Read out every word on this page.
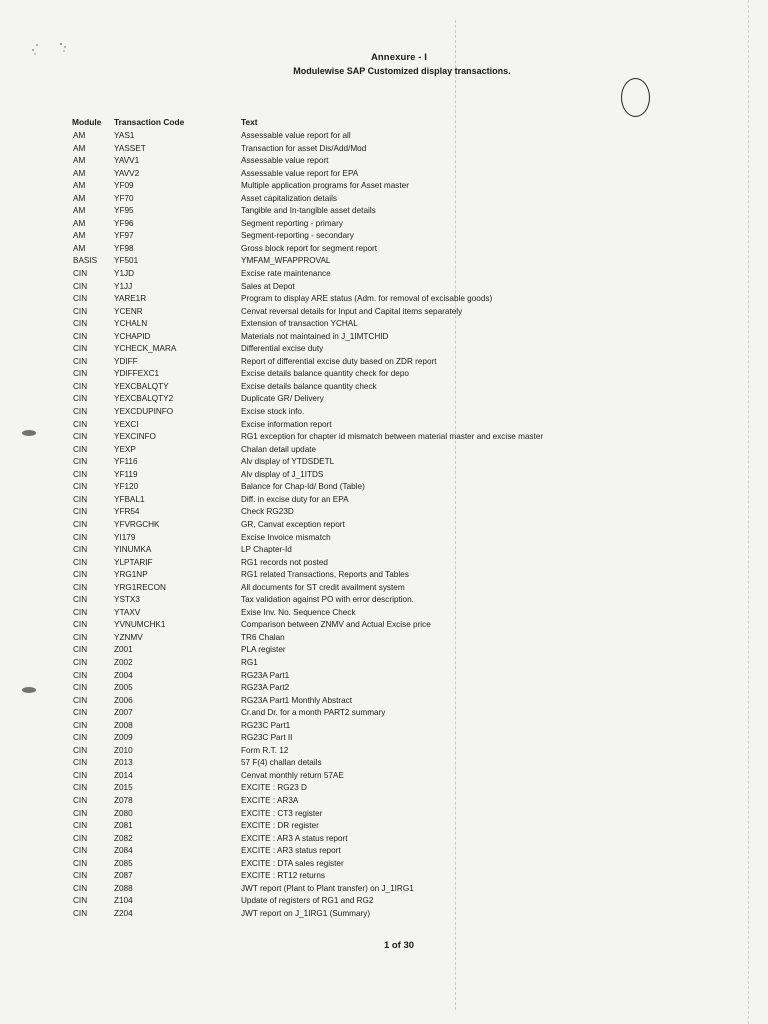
Annexure - I
Modulewise SAP Customized display transactions.
Module Transaction Code	Text
AM	YAS1	Assessable value report for all
AM	YASSET	Transaction for asset Dis/Add/Mod
AM	YAVV1	Assessable value report
AM	YAVV2	Assessable value report for EPA
AM	YF09	Multiple application programs for Asset master
AM	YF70	Asset capitalization details
AM	YF95	Tangible and In-tangible asset details
AM	YF96	Segment reporting - primary
AM	YF97	Segment-reporting - secondary
AM	YF98	Gross block report for segment report
BASIS YF501	YMFAM_WFAPPROVAL
CIN	Y1JD	Excise rate maintenance
CIN	Y1JJ	Sales at Depot
CIN	YARE1R	Program to display ARE status (Adm. for removal of excisable goods)
CIN	YCENR	Cenvat reversal details for Input and Capital items separately
CIN	YCHALN	Extension of transaction YCHAL
CIN	YCHAPID	Materials not maintained in J_1IMTCHID
CIN	YCHECK_MARA	Differential excise duty
CIN	YDIFF	Report of differential excise duty based on ZDR report
CIN	YDIFFEXC1	Excise details balance quantity check for depo
CIN	YEXCBALQTY	Excise details balance quantity check
CIN	YEXCBALQTY2	Duplicate GR/ Delivery
CIN	YEXCDUPINFO	Excise stock info.
CIN	YEXCI	Excise information report
CIN	YEXCINFO	RG1 exception for chapter id mismatch between material master and excise master
CIN	YEXP	Chalan detail update
CIN	YF116	Alv display of YTDSDETL
CIN	YF119	Alv display of J_1ITDS
CIN	YF120	Balance for Chap-Id/ Bond (Table)
CIN	YFBAL1	Diff. in excise duty for an EPA
CIN	YFR54	Check RG23D
CIN	YFVRGCHK	GR, Canvat exception report
CIN	YI179	Excise Invoice mismatch
CIN	YINUMKA	LP Chapter-Id
CIN	YLPTARIF	RG1 records not posted
CIN	YRG1NP	RG1 related Transactions, Reports and Tables
CIN	YRG1RECON	All documents for ST credit availment system
CIN	YSTX3	Tax validation against PO with error description.
CIN	YTAXV	Exise Inv. No. Sequence Check
CIN	YVNUMCHK1	Comparison between ZNMV and Actual Excise price
CIN	YZNMV	TR6 Chalan
CIN	Z001	PLA register
CIN	Z002	RG1
CIN	Z004	RG23A Part1
CIN	Z005	RG23A Part2
CIN	Z006	RG23A Part1 Monthly Abstract
CIN	Z007	Cr.and Dr. for a month PART2 summary
CIN	Z008	RG23C Part1
CIN	Z009	RG23C Part II
CIN	Z010	Form R.T. 12
CIN	Z013	57 F(4) challan details
CIN	Z014	Cenvat monthly return 57AE
CIN	Z015	EXCITE : RG23 D
CIN	Z078	EXCITE : AR3A
CIN	Z080	EXCITE : CT3 register
CIN	Z081	EXCITE : DR register
CIN	Z082	EXCITE : AR3 A status report
CIN	Z084	EXCITE : AR3 status report
CIN	Z085	EXCITE : DTA sales register
CIN	Z087	EXCITE : RT12 returns
CIN	Z088	JWT report (Plant to Plant transfer) on J_1IRG1
CIN	Z104	Update of registers of RG1 and RG2
CIN	Z204	JWT report on J_1IRG1 (Summary)
1 of 30
